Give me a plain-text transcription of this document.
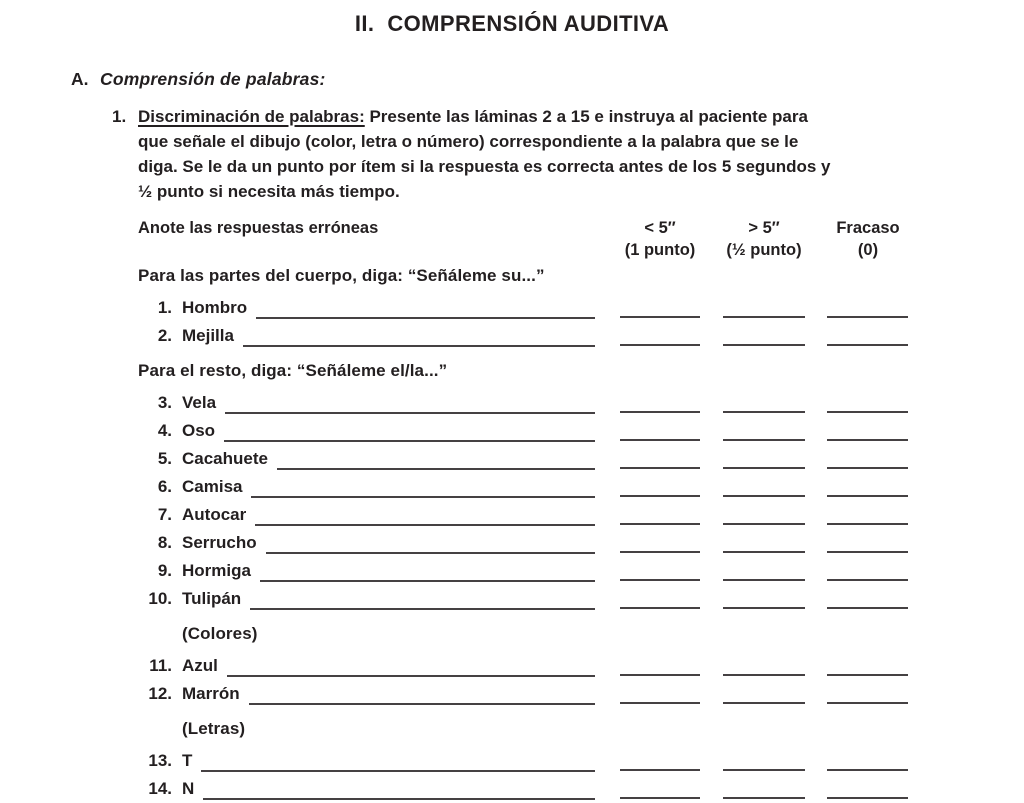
II.  COMPRENSIÓN AUDITIVA
A. Comprensión de palabras:
1. Discriminación de palabras: Presente las láminas 2 a 15 e instruya al paciente para
que señale el dibujo (color, letra o número) correspondiente a la palabra que se le
diga. Se le da un punto por ítem si la respuesta es correcta antes de los 5 segundos y
½ punto si necesita más tiempo.
Anote las respuestas erróneas	< 5″
(1 punto)
> 5″
(½ punto)
Fracaso
(0)
Para las partes del cuerpo, diga: “Señáleme su...”
1. Hombro
2. Mejilla
Para el resto, diga: “Señáleme el/la...”
3. Vela
4. Oso
5. Cacahuete
6. Camisa
7. Autocar
8. Serrucho
9. Hormiga
10. Tulipán
(Colores)
11. Azul
12. Marrón
(Letras)
13. T
14. N
